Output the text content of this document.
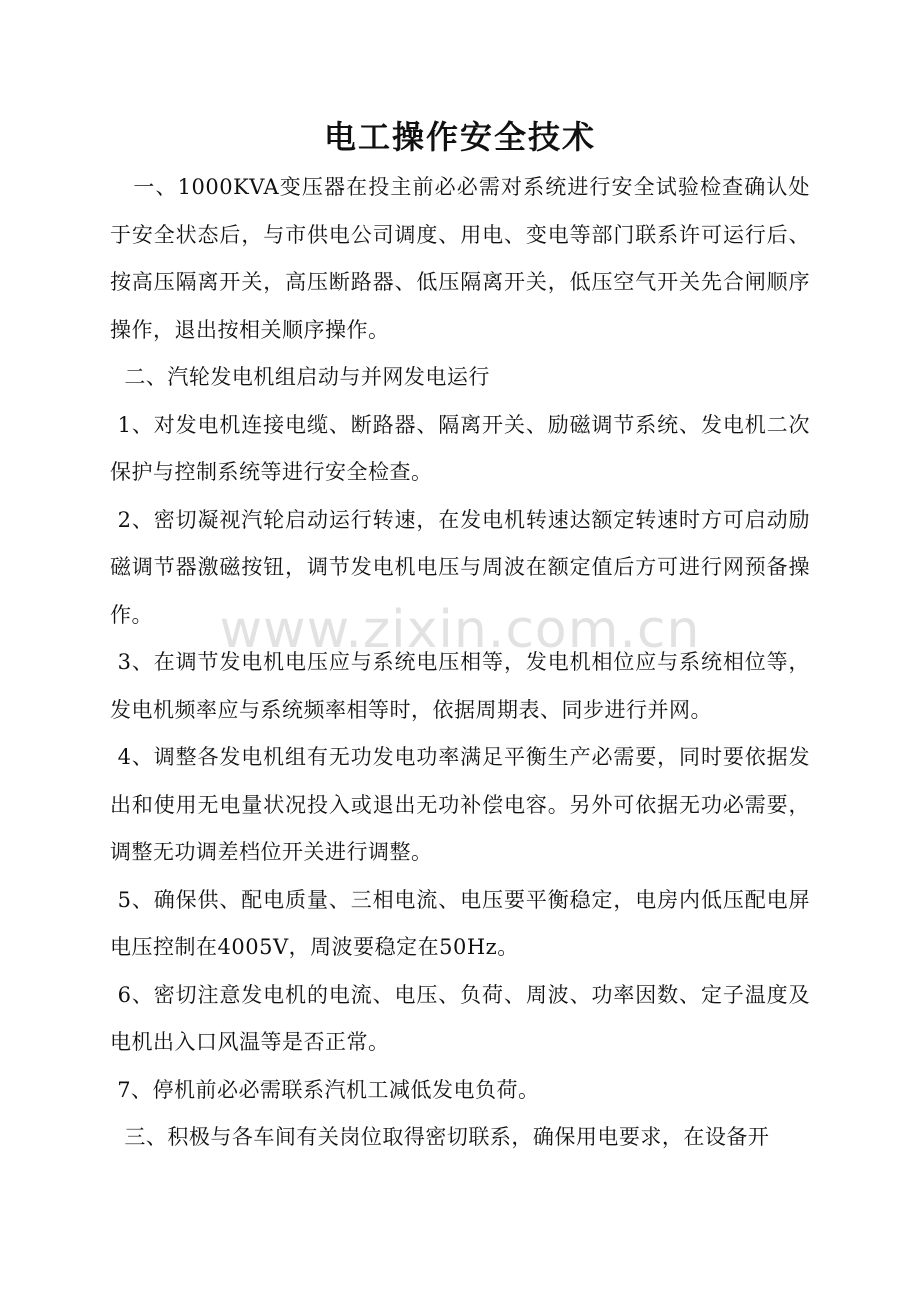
电工操作安全技术

一、1000KVA变压器在投主前必必需对系统进行安全试验检查确认处于安全状态后，与市供电公司调度、用电、变电等部门联系许可运行后、按高压隔离开关，高压断路器、低压隔离开关，低压空气开关先合闸顺序操作，退出按相关顺序操作。

二、汽轮发电机组启动与并网发电运行

1、对发电机连接电缆、断路器、隔离开关、励磁调节系统、发电机二次保护与控制系统等进行安全检查。

2、密切凝视汽轮启动运行转速，在发电机转速达额定转速时方可启动励磁调节器激磁按钮，调节发电机电压与周波在额定值后方可进行网预备操作。

3、在调节发电机电压应与系统电压相等，发电机相位应与系统相位等，发电机频率应与系统频率相等时，依据周期表、同步进行并网。

4、调整各发电机组有无功发电功率满足平衡生产必需要，同时要依据发出和使用无电量状况投入或退出无功补偿电容。另外可依据无功必需要，调整无功调差档位开关进行调整。

5、确保供、配电质量、三相电流、电压要平衡稳定，电房内低压配电屏电压控制在4005V，周波要稳定在50Hz。

6、密切注意发电机的电流、电压、负荷、周波、功率因数、定子温度及电机出入口风温等是否正常。

7、停机前必必需联系汽机工减低发电负荷。

三、积极与各车间有关岗位取得密切联系，确保用电要求，在设备开

www.zixin.com.cn
